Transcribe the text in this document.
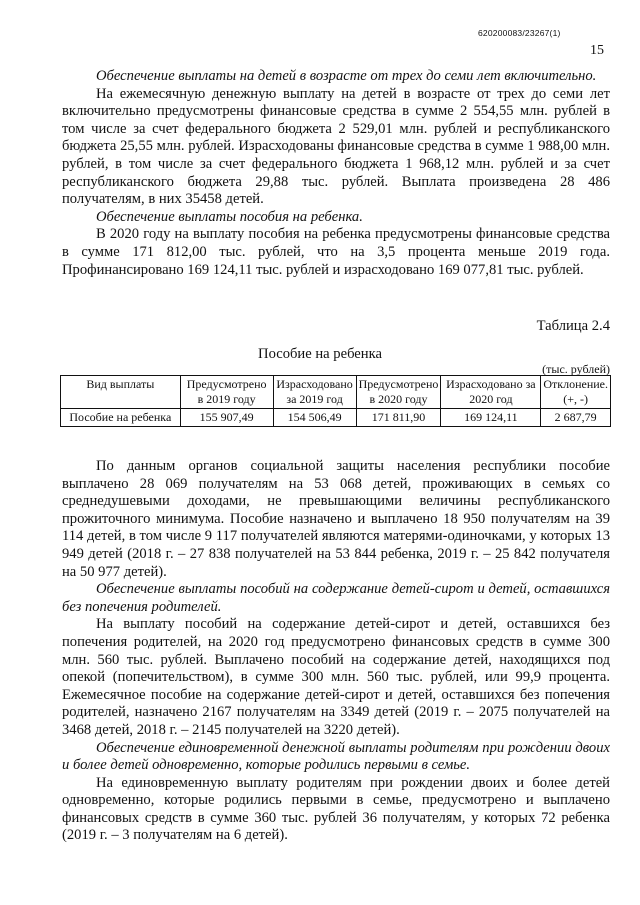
620200083/23267(1)
15

Обеспечение выплаты на детей в возрасте от трех до семи лет включительно.

На ежемесячную денежную выплату на детей в возрасте от трех до семи лет включительно предусмотрены финансовые средства в сумме 2 554,55 млн. рублей в том числе за счет федерального бюджета 2 529,01 млн. рублей и республиканского бюджета 25,55 млн. рублей. Израсходованы финансовые средства в сумме 1 988,00 млн. рублей, в том числе за счет федерального бюджета 1 968,12 млн. рублей и за счет республиканского бюджета 29,88 тыс. рублей. Выплата произведена 28 486 получателям, в них 35458 детей.

Обеспечение выплаты пособия на ребенка.

В 2020 году на выплату пособия на ребенка предусмотрены финансовые средства в сумме 171 812,00 тыс. рублей, что на 3,5 процента меньше 2019 года. Профинансировано 169 124,11 тыс. рублей и израсходовано 169 077,81 тыс. рублей.

Таблица 2.4
Пособие на ребенка
(тыс. рублей)
Вид выплаты	Предусмотрено в 2019 году	Израсходовано за 2019 год	Предусмотрено в 2020 году	Израсходовано за 2020 год	Отклонение. (+, -)
Пособие на ребенка	155 907,49	154 506,49	171 811,90	169 124,11	2 687,79

По данным органов социальной защиты населения республики пособие выплачено 28 069 получателям на 53 068 детей, проживающих в семьях со среднедушевыми доходами, не превышающими величины республиканского прожиточного минимума. Пособие назначено и выплачено 18 950 получателям на 39 114 детей, в том числе 9 117 получателей являются матерями-одиночками, у которых 13 949 детей (2018 г. – 27 838 получателей на 53 844 ребенка, 2019 г. – 25 842 получателя на 50 977 детей).

Обеспечение выплаты пособий на содержание детей-сирот и детей, оставшихся без попечения родителей.

На выплату пособий на содержание детей-сирот и детей, оставшихся без попечения родителей, на 2020 год предусмотрено финансовых средств в сумме 300 млн. 560 тыс. рублей. Выплачено пособий на содержание детей, находящихся под опекой (попечительством), в сумме 300 млн. 560 тыс. рублей, или 99,9 процента. Ежемесячное пособие на содержание детей-сирот и детей, оставшихся без попечения родителей, назначено 2167 получателям на 3349 детей (2019 г. – 2075 получателей на 3468 детей, 2018 г. – 2145 получателей на 3220 детей).

Обеспечение единовременной денежной выплаты родителям при рождении двоих и более детей одновременно, которые родились первыми в семье.

На единовременную выплату родителям при рождении двоих и более детей одновременно, которые родились первыми в семье, предусмотрено и выплачено финансовых средств в сумме 360 тыс. рублей 36 получателям, у которых 72 ребенка (2019 г. – 3 получателям на 6 детей).
